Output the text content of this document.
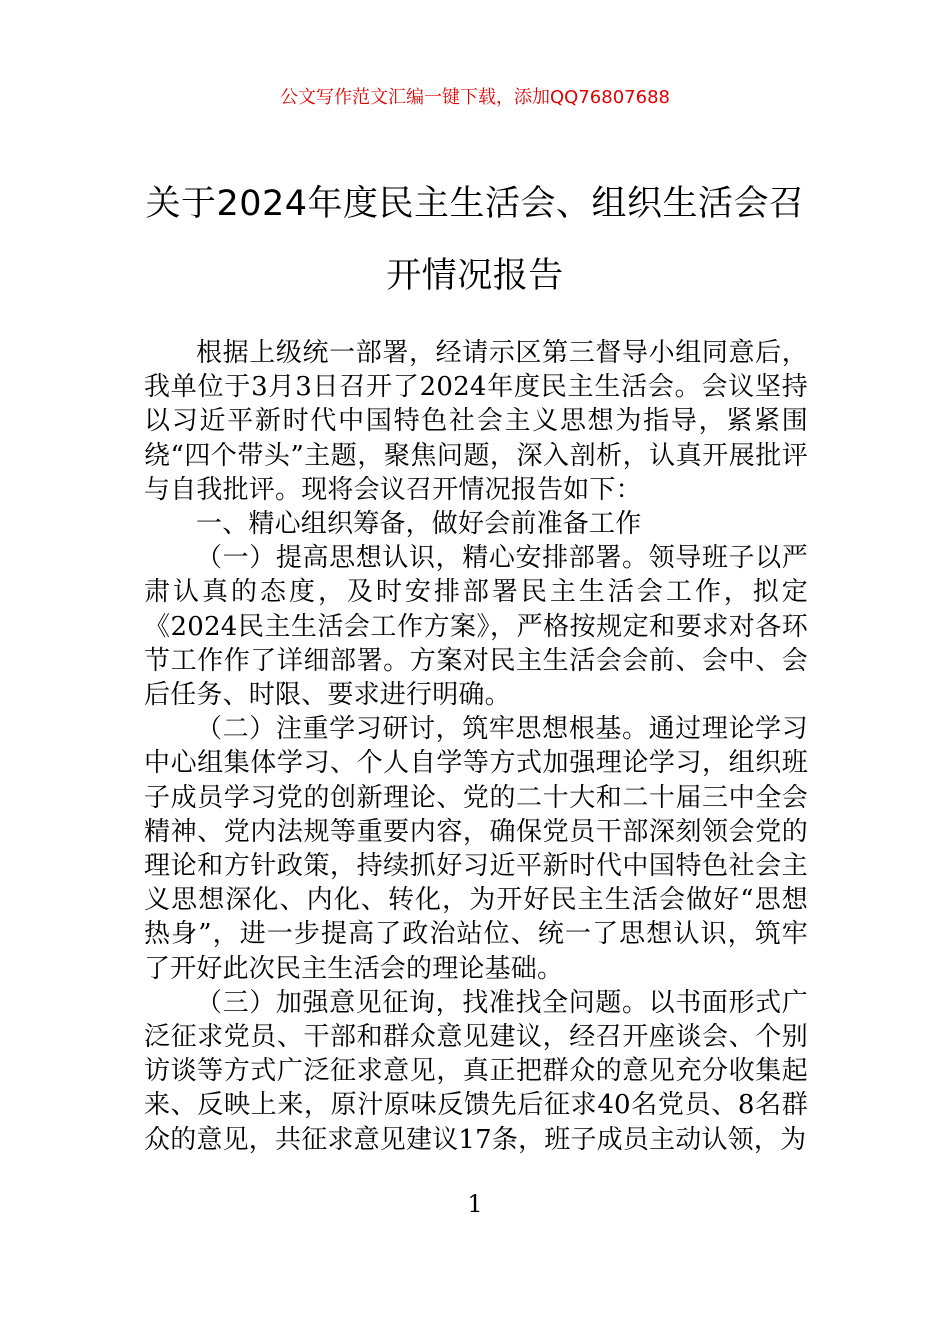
公文写作范文汇编一键下载，添加QQ76807688
关于2024年度民主生活会、组织生活会召开情况报告

根据上级统一部署，经请示区第三督导小组同意后，我单位于3月3日召开了2024年度民主生活会。会议坚持以习近平新时代中国特色社会主义思想为指导，紧紧围绕“四个带头”主题，聚焦问题，深入剖析，认真开展批评与自我批评。现将会议召开情况报告如下：

一、精心组织筹备，做好会前准备工作

（一）提高思想认识，精心安排部署。领导班子以严肃认真的态度，及时安排部署民主生活会工作，拟定《2024民主生活会工作方案》，严格按规定和要求对各环节工作作了详细部署。方案对民主生活会会前、会中、会后任务、时限、要求进行明确。

（二）注重学习研讨，筑牢思想根基。通过理论学习中心组集体学习、个人自学等方式加强理论学习，组织班子成员学习党的创新理论、党的二十大和二十届三中全会精神、党内法规等重要内容，确保党员干部深刻领会党的理论和方针政策，持续抓好习近平新时代中国特色社会主义思想深化、内化、转化，为开好民主生活会做好“思想热身”，进一步提高了政治站位、统一了思想认识，筑牢了开好此次民主生活会的理论基础。

（三）加强意见征询，找准找全问题。以书面形式广泛征求党员、干部和群众意见建议，经召开座谈会、个别访谈等方式广泛征求意见，真正把群众的意见充分收集起来、反映上来，原汁原味反馈先后征求40名党员、8名群众的意见，共征求意见建议17条，班子成员主动认领，为

1
